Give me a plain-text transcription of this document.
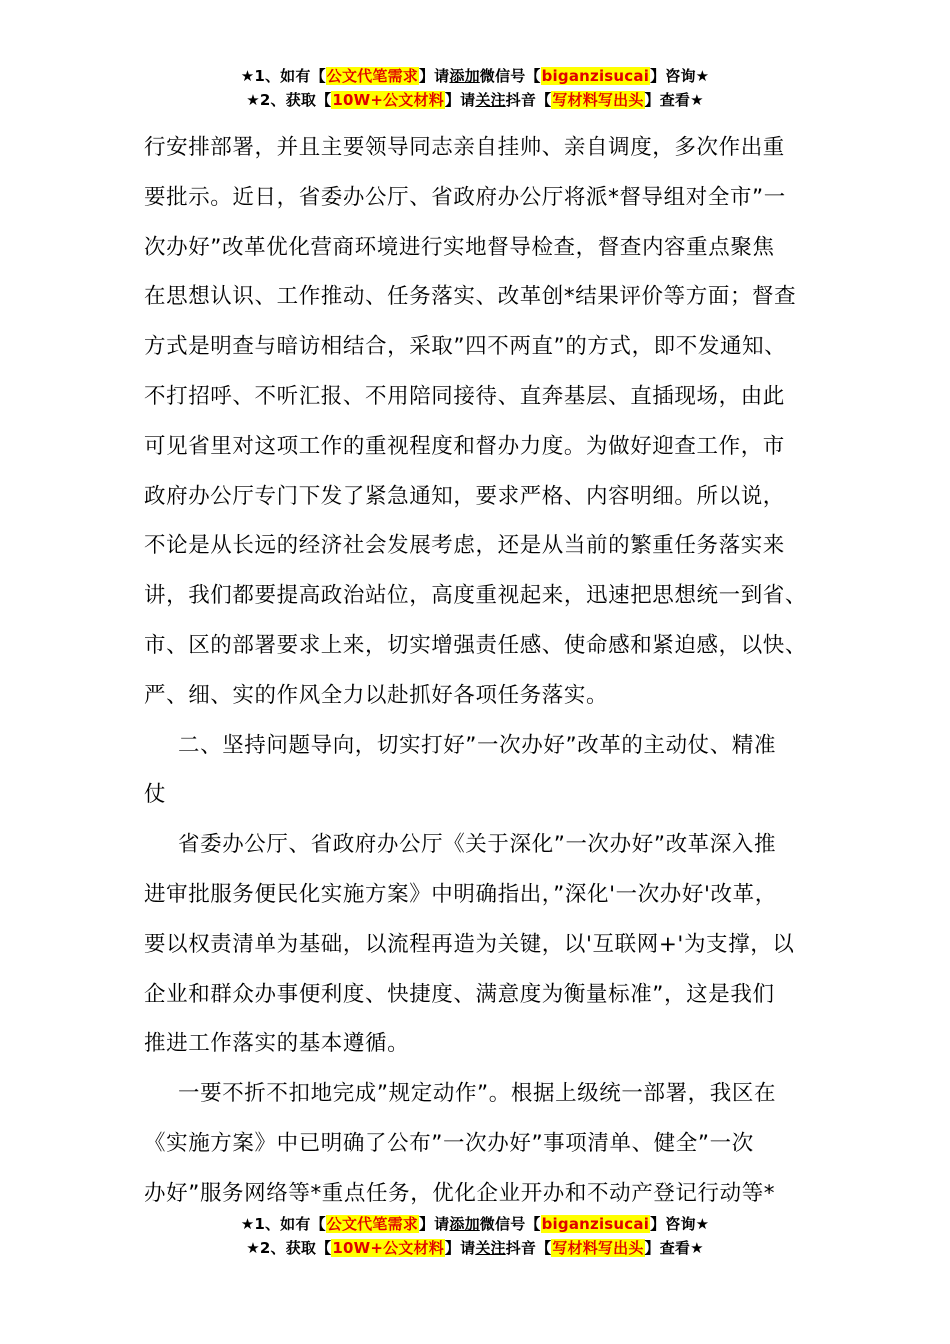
★1、如有【公文代笔需求】请添加微信号【biganzisucai】咨询★
★2、获取【10W+公文材料】请关注抖音【写材料写出头】查看★
行安排部署，并且主要领导同志亲自挂帅、亲自调度，多次作出重
要批示。近日，省委办公厅、省政府办公厅将派*督导组对全市”一
次办好”改革优化营商环境进行实地督导检查，督查内容重点聚焦
在思想认识、工作推动、任务落实、改革创*结果评价等方面；督查
方式是明查与暗访相结合，采取”四不两直”的方式，即不发通知、
不打招呼、不听汇报、不用陪同接待、直奔基层、直插现场，由此
可见省里对这项工作的重视程度和督办力度。为做好迎查工作，市
政府办公厅专门下发了紧急通知，要求严格、内容明细。所以说，
不论是从长远的经济社会发展考虑，还是从当前的繁重任务落实来
讲，我们都要提高政治站位，高度重视起来，迅速把思想统一到省、
市、区的部署要求上来，切实增强责任感、使命感和紧迫感，以快、
严、细、实的作风全力以赴抓好各项任务落实。
二、坚持问题导向，切实打好”一次办好”改革的主动仗、精准
仗
省委办公厅、省政府办公厅《关于深化”一次办好”改革深入推
进审批服务便民化实施方案》中明确指出，”深化'一次办好'改革，
要以权责清单为基础，以流程再造为关键，以'互联网+'为支撑，以
企业和群众办事便利度、快捷度、满意度为衡量标准”，这是我们
推进工作落实的基本遵循。
一要不折不扣地完成”规定动作”。根据上级统一部署，我区在
《实施方案》中已明确了公布”一次办好”事项清单、健全”一次
办好”服务网络等*重点任务，优化企业开办和不动产登记行动等*
★1、如有【公文代笔需求】请添加微信号【biganzisucai】咨询★
★2、获取【10W+公文材料】请关注抖音【写材料写出头】查看★
